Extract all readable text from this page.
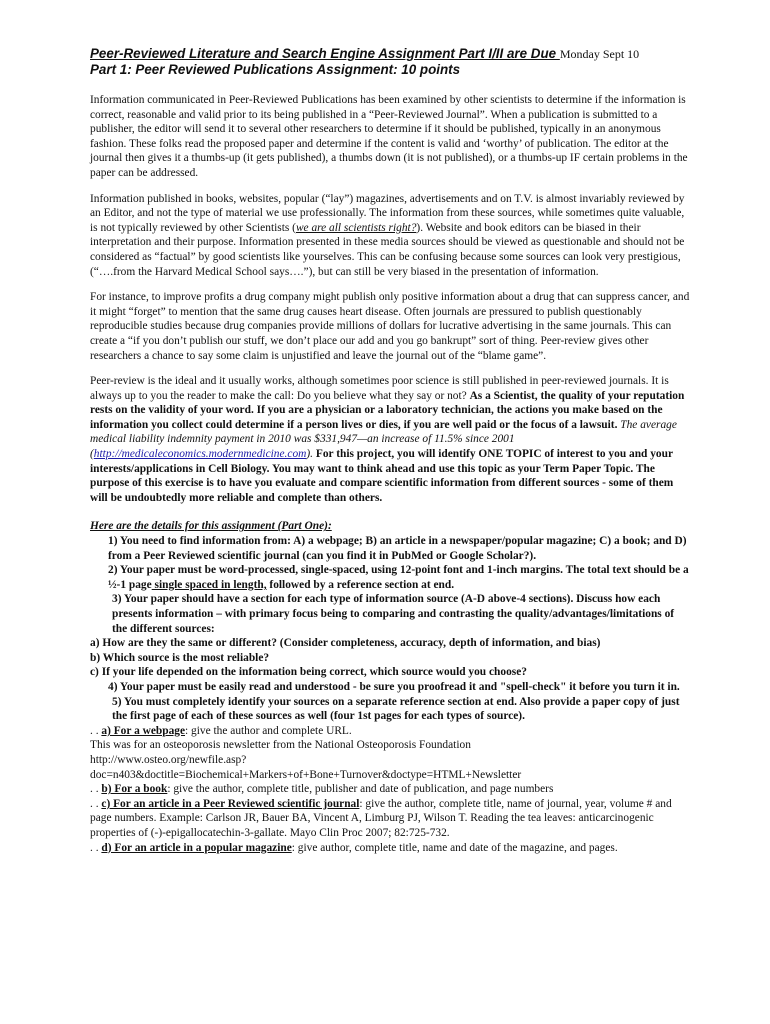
Peer-Reviewed Literature and Search Engine Assignment Part I/II are Due Monday Sept 10
Part 1: Peer Reviewed Publications Assignment: 10 points

Information communicated in Peer-Reviewed Publications has been examined by other scientists to determine if the information is correct, reasonable and valid prior to its being published in a “Peer-Reviewed Journal”. When a publication is submitted to a publisher, the editor will send it to several other researchers to determine if it should be published, typically in an anonymous fashion. These folks read the proposed paper and determine if the content is valid and ‘worthy’ of publication. The editor at the journal then gives it a thumbs-up (it gets published), a thumbs down (it is not published), or a thumbs-up IF certain problems in the paper can be addressed.

Information published in books, websites, popular (“lay”) magazines, advertisements and on T.V. is almost invariably reviewed by an Editor, and not the type of material we use professionally. The information from these sources, while sometimes quite valuable, is not typically reviewed by other Scientists (we are all scientists right?). Website and book editors can be biased in their interpretation and their purpose. Information presented in these media sources should be viewed as questionable and should not be considered as “factual” by good scientists like yourselves. This can be confusing because some sources can look very prestigious, (“….from the Harvard Medical School says….”), but can still be very biased in the presentation of information.

For instance, to improve profits a drug company might publish only positive information about a drug that can suppress cancer, and it might “forget” to mention that the same drug causes heart disease. Often journals are pressured to publish questionably reproducible studies because drug companies provide millions of dollars for lucrative advertising in the same journals. This can create a “if you don’t publish our stuff, we don’t place our add and you go bankrupt” sort of thing. Peer-review gives other researchers a chance to say some claim is unjustified and leave the journal out of the “blame game”.

Peer-review is the ideal and it usually works, although sometimes poor science is still published in peer-reviewed journals. It is always up to you the reader to make the call: Do you believe what they say or not? As a Scientist, the quality of your reputation rests on the validity of your word. If you are a physician or a laboratory technician, the actions you make based on the information you collect could determine if a person lives or dies, if you are well paid or the focus of a lawsuit. The average medical liability indemnity payment in 2010 was $331,947—an increase of 11.5% since 2001 (http://medicaleconomics.modernmedicine.com). For this project, you will identify ONE TOPIC of interest to you and your interests/applications in Cell Biology. You may want to think ahead and use this topic as your Term Paper Topic. The purpose of this exercise is to have you evaluate and compare scientific information from different sources - some of them will be undoubtedly more reliable and complete than others.

Here are the details for this assignment (Part One):
1) You need to find information from: A) a webpage; B) an article in a newspaper/popular magazine; C) a book; and D) from a Peer Reviewed scientific journal (can you find it in PubMed or Google Scholar?).
2) Your paper must be word-processed, single-spaced, using 12-point font and 1-inch margins. The total text should be a ½-1 page single spaced in length, followed by a reference section at end.
3) Your paper should have a section for each type of information source (A-D above-4 sections). Discuss how each presents information – with primary focus being to comparing and contrasting the quality/advantages/limitations of the different sources:
a) How are they the same or different? (Consider completeness, accuracy, depth of information, and bias)
b) Which source is the most reliable?
c) If your life depended on the information being correct, which source would you choose?
4) Your paper must be easily read and understood - be sure you proofread it and "spell-check" it before you turn it in.
5) You must completely identify your sources on a separate reference section at end. Also provide a paper copy of just the first page of each of these sources as well (four 1st pages for each types of source).
. . a) For a webpage: give the author and complete URL.
This was for an osteoporosis newsletter from the National Osteoporosis Foundation
http://www.osteo.org/newfile.asp?
doc=n403&doctitle=Biochemical+Markers+of+Bone+Turnover&doctype=HTML+Newsletter
. . b) For a book: give the author, complete title, publisher and date of publication, and page numbers
. . c) For an article in a Peer Reviewed scientific journal: give the author, complete title, name of journal, year, volume # and page numbers. Example: Carlson JR, Bauer BA, Vincent A, Limburg PJ, Wilson T. Reading the tea leaves: anticarcinogenic properties of (-)-epigallocatechin-3-gallate. Mayo Clin Proc 2007; 82:725-732.
. . d) For an article in a popular magazine: give author, complete title, name and date of the magazine, and pages.
